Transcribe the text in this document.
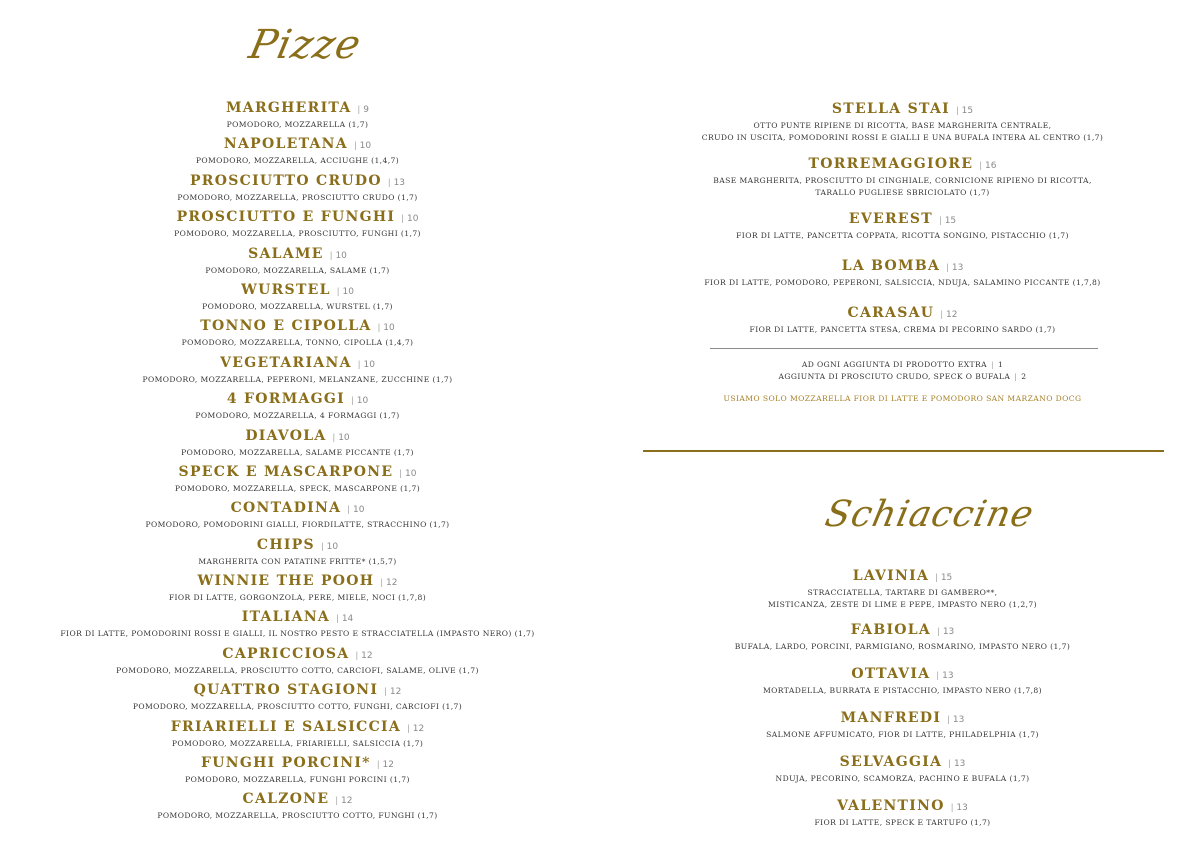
Pizze
MARGHERITA | 9
POMODORO, MOZZARELLA (1,7)
NAPOLETANA | 10
POMODORO, MOZZARELLA, ACCIUGHE (1,4,7)
PROSCIUTTO CRUDO | 13
POMODORO, MOZZARELLA, PROSCIUTTO CRUDO (1,7)
PROSCIUTTO E FUNGHI | 10
POMODORO, MOZZARELLA, PROSCIUTTO, FUNGHI (1,7)
SALAME | 10
POMODORO, MOZZARELLA, SALAME (1,7)
WURSTEL | 10
POMODORO, MOZZARELLA, WURSTEL (1,7)
TONNO E CIPOLLA | 10
POMODORO, MOZZARELLA, TONNO, CIPOLLA (1,4,7)
VEGETARIANA | 10
POMODORO, MOZZARELLA, PEPERONI, MELANZANE, ZUCCHINE (1,7)
4 FORMAGGI | 10
POMODORO, MOZZARELLA, 4 FORMAGGI (1,7)
DIAVOLA | 10
POMODORO, MOZZARELLA, SALAME PICCANTE (1,7)
SPECK E MASCARPONE | 10
POMODORO, MOZZARELLA, SPECK, MASCARPONE (1,7)
CONTADINA | 10
POMODORO, POMODORINI GIALLI, FIORDILATTE, STRACCHINO (1,7)
CHIPS | 10
MARGHERITA CON PATATINE FRITTE* (1,5,7)
WINNIE THE POOH | 12
FIOR DI LATTE, GORGONZOLA, PERE, MIELE, NOCI (1,7,8)
ITALIANA | 14
FIOR DI LATTE, POMODORINI ROSSI E GIALLI, IL NOSTRO PESTO E STRACCIATELLA (IMPASTO NERO) (1,7)
CAPRICCIOSA | 12
POMODORO, MOZZARELLA, PROSCIUTTO COTTO, CARCIOFI, SALAME, OLIVE (1,7)
QUATTRO STAGIONI | 12
POMODORO, MOZZARELLA, PROSCIUTTO COTTO, FUNGHI, CARCIOFI (1,7)
FRIARIELLI E SALSICCIA | 12
POMODORO, MOZZARELLA, FRIARIELLI, SALSICCIA (1,7)
FUNGHI PORCINI* | 12
POMODORO, MOZZARELLA, FUNGHI PORCINI (1,7)
CALZONE | 12
POMODORO, MOZZARELLA, PROSCIUTTO COTTO, FUNGHI (1,7)
STELLA STAI | 15
OTTO PUNTE RIPIENE DI RICOTTA, BASE MARGHERITA CENTRALE,
CRUDO IN USCITA, POMODORINI ROSSI E GIALLI E UNA BUFALA INTERA AL CENTRO (1,7)
TORREMAGGIORE | 16
BASE MARGHERITA, PROSCIUTTO DI CINGHIALE, CORNICIONE RIPIENO DI RICOTTA,
TARALLO PUGLIESE SBRICIOLATO (1,7)
EVEREST | 15
FIOR DI LATTE, PANCETTA COPPATA, RICOTTA SONGINO, PISTACCHIO (1,7)
LA BOMBA | 13
FIOR DI LATTE, POMODORO, PEPERONI, SALSICCIA, NDUJA, SALAMINO PICCANTE (1,7,8)
CARASAU | 12
FIOR DI LATTE, PANCETTA STESA, CREMA DI PECORINO SARDO (1,7)
AD OGNI AGGIUNTA DI PRODOTTO EXTRA | 1
AGGIUNTA DI PROSCIUTO CRUDO, SPECK O BUFALA | 2
USIAMO SOLO MOZZARELLA FIOR DI LATTE E POMODORO SAN MARZANO DOCG
Schiaccine
LAVINIA | 15
STRACCIATELLA, TARTARE DI GAMBERO**,
MISTICANZA, ZESTE DI LIME E PEPE, IMPASTO NERO (1,2,7)
FABIOLA | 13
BUFALA, LARDO, PORCINI, PARMIGIANO, ROSMARINO, IMPASTO NERO (1,7)
OTTAVIA | 13
MORTADELLA, BURRATA E PISTACCHIO, IMPASTO NERO (1,7,8)
MANFREDI | 13
SALMONE AFFUMICATO, FIOR DI LATTE, PHILADELPHIA (1,7)
SELVAGGIA | 13
NDUJA, PECORINO, SCAMORZA, PACHINO E BUFALA (1,7)
VALENTINO | 13
FIOR DI LATTE, SPECK E TARTUFO (1,7)
